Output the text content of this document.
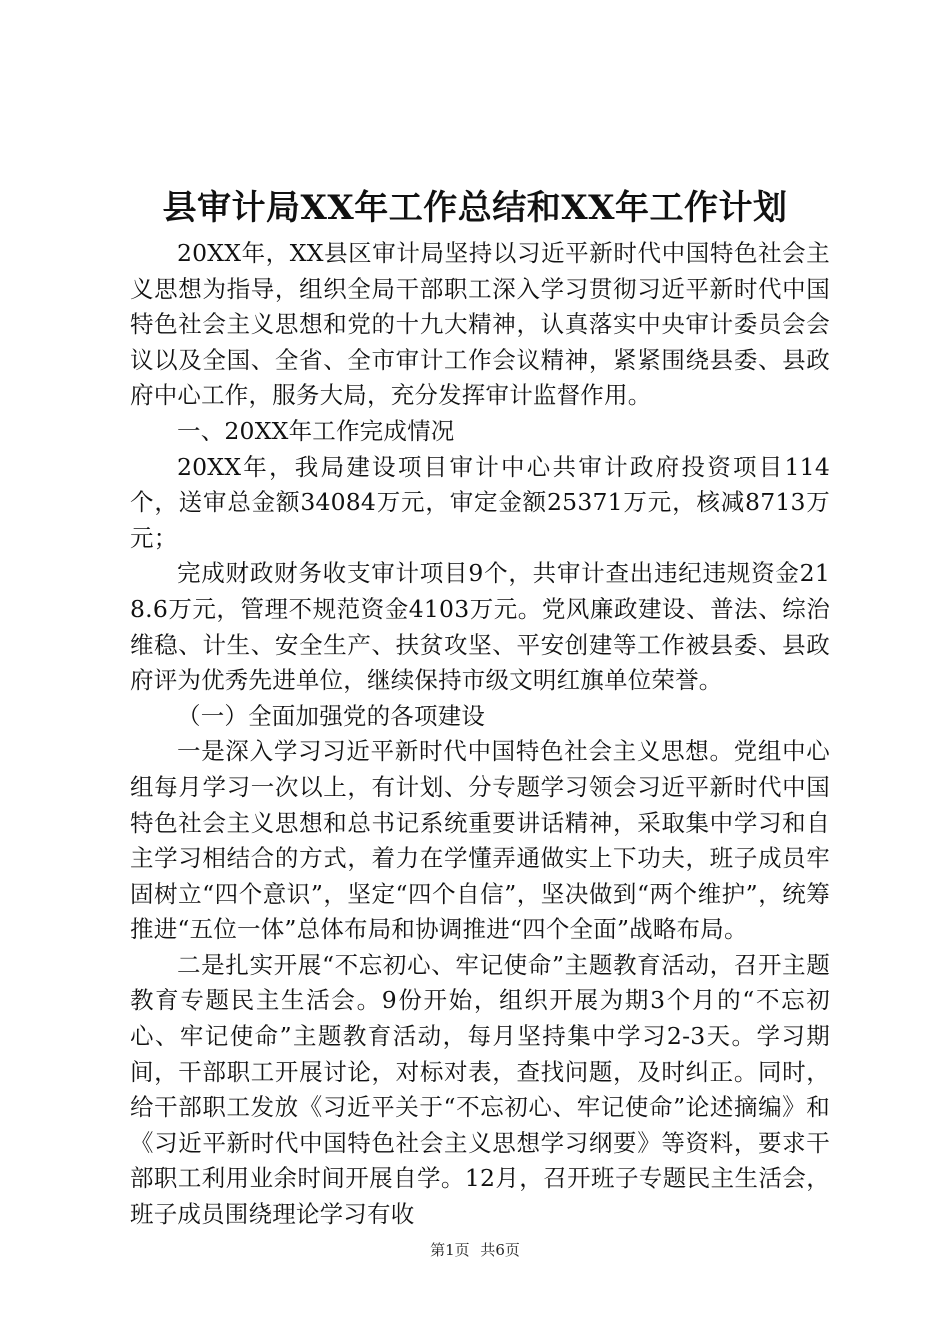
县审计局XX年工作总结和XX年工作计划

20XX年，XX县区审计局坚持以习近平新时代中国特色社会主义思想为指导，组织全局干部职工深入学习贯彻习近平新时代中国特色社会主义思想和党的十九大精神，认真落实中央审计委员会会议以及全国、全省、全市审计工作会议精神，紧紧围绕县委、县政府中心工作，服务大局，充分发挥审计监督作用。

一、20XX年工作完成情况

20XX年，我局建设项目审计中心共审计政府投资项目114个，送审总金额34084万元，审定金额25371万元，核减8713万元；

完成财政财务收支审计项目9个，共审计查出违纪违规资金218.6万元，管理不规范资金4103万元。党风廉政建设、普法、综治维稳、计生、安全生产、扶贫攻坚、平安创建等工作被县委、县政府评为优秀先进单位，继续保持市级文明红旗单位荣誉。

（一）全面加强党的各项建设

一是深入学习习近平新时代中国特色社会主义思想。党组中心组每月学习一次以上，有计划、分专题学习领会习近平新时代中国特色社会主义思想和总书记系统重要讲话精神，采取集中学习和自主学习相结合的方式，着力在学懂弄通做实上下功夫，班子成员牢固树立“四个意识”，坚定“四个自信”，坚决做到“两个维护”，统筹推进“五位一体”总体布局和协调推进“四个全面”战略布局。

二是扎实开展“不忘初心、牢记使命”主题教育活动，召开主题教育专题民主生活会。9份开始，组织开展为期3个月的“不忘初心、牢记使命”主题教育活动，每月坚持集中学习2-3天。学习期间，干部职工开展讨论，对标对表，查找问题，及时纠正。同时，给干部职工发放《习近平关于“不忘初心、牢记使命”论述摘编》和《习近平新时代中国特色社会主义思想学习纲要》等资料，要求干部职工利用业余时间开展自学。12月，召开班子专题民主生活会，班子成员围绕理论学习有收

第1页 共6页
